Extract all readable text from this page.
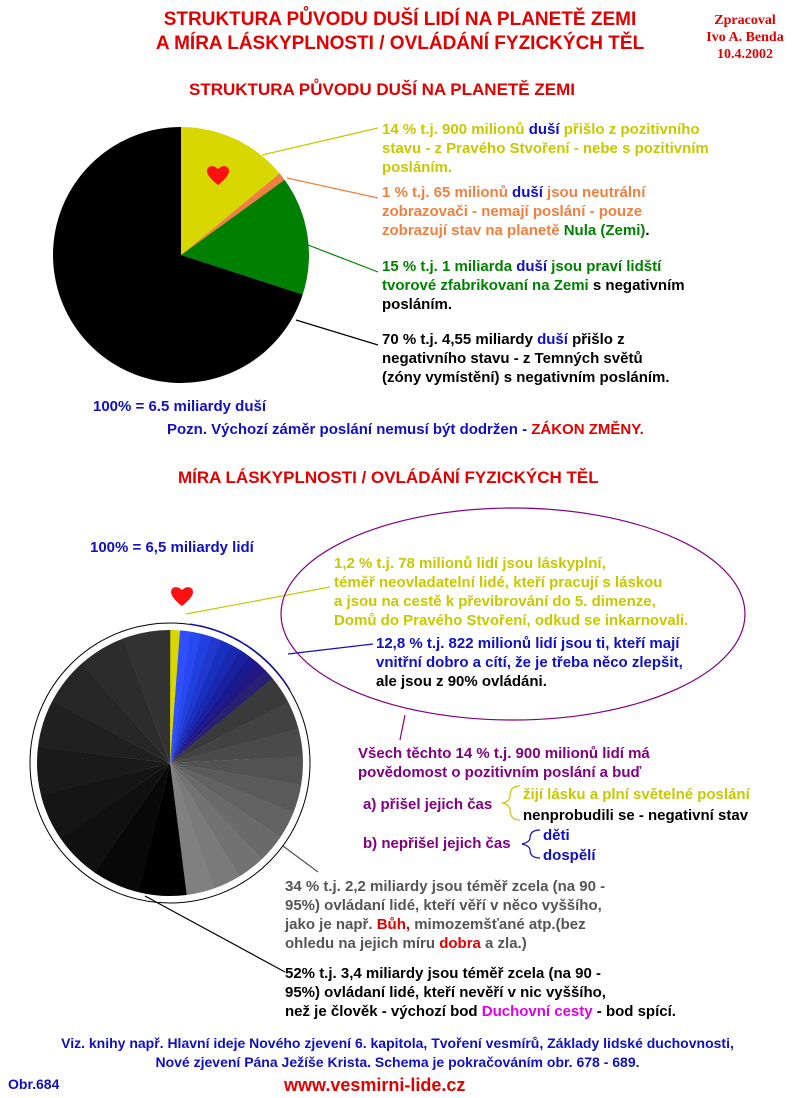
STRUKTURA PŮVODU DUŠÍ LIDÍ NA PLANETĚ ZEMI
A MÍRA LÁSKYPLNOSTI / OVLÁDÁNÍ FYZICKÝCH TĚL
Zpracoval
Ivo A. Benda
10.4.2002
STRUKTURA PŮVODU DUŠÍ NA PLANETĚ ZEMI
14 % t.j. 900 milionů duší přišlo z pozitivního
stavu - z Pravého Stvoření - nebe s pozitivním
posláním.
1 % t.j. 65 milionů duší jsou neutrální
zobrazovači - nemají poslání - pouze
zobrazují stav na planetě Nula (Zemi).
15 % t.j. 1 miliarda duší jsou praví lidští
tvorové zfabrikovaní na Zemi s negativním
posláním.
70 % t.j. 4,55 miliardy duší přišlo z
negativního stavu - z Temných světů
(zóny vymístění) s negativním posláním.
100% = 6.5 miliardy duší
Pozn. Výchozí záměr poslání nemusí být dodržen - ZÁKON ZMĚNY.
MÍRA LÁSKYPLNOSTI / OVLÁDÁNÍ FYZICKÝCH TĚL
100% = 6,5 miliardy lidí
1,2 % t.j. 78 milionů lidí jsou láskyplní,
téměř neovladatelní lidé, kteří pracují s láskou
a jsou na cestě k převibrování do 5. dimenze,
Domů do Pravého Stvoření, odkud se inkarnovali.
12,8 % t.j. 822 milionů lidí jsou ti, kteří mají
vnitřní dobro a cítí, že je třeba něco zlepšit,
ale jsou z 90% ovládáni.
Všech těchto 14 % t.j. 900 milionů lidí má
povědomost o pozitivním poslání a buď
a) přišel jejich čas
žijí lásku a plní světelné poslání
nenprobudili se - negativní stav
b) nepřišel jejich čas děti
dospělí
34 % t.j. 2,2 miliardy jsou téměř zcela (na 90 -
95%) ovládaní lidé, kteří věří v něco vyššího,
jako je např. Bůh, mimozemšťané atp.(bez
ohledu na jejich míru dobra a zla.)
52% t.j. 3,4 miliardy jsou téměř zcela (na 90 -
95%) ovládaní lidé, kteří nevěří v nic vyššího,
než je člověk - výchozí bod Duchovní cesty - bod spící.
Viz. knihy např. Hlavní ideje Nového zjevení 6. kapitola, Tvoření vesmírů, Základy lidské duchovnosti,
Nové zjevení Pána Ježíše Krista. Schema je pokračováním obr. 678 - 689.
Obr.684	www.vesmirni-lide.cz
